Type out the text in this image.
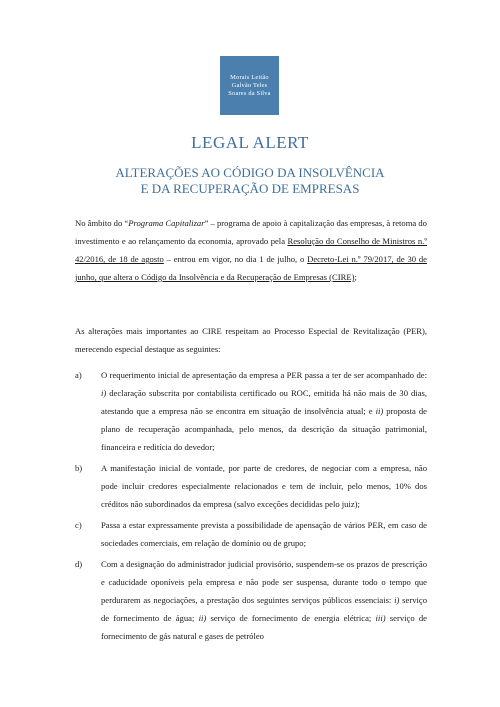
Morais Leitão
Galvão Teles
Soares da Silva
LEGAL ALERT
ALTERAÇÕES AO CÓDIGO DA INSOLVÊNCIA
E DA RECUPERAÇÃO DE EMPRESAS
No âmbito do “Programa Capitalizar” – programa de apoio à capitalização das empresas, à retoma do investimento e ao relançamento da economia, aprovado pela Resolução do Conselho de Ministros n.º 42/2016, de 18 de agosto – entrou em vigor, no dia 1 de julho, o Decreto-Lei n.º 79/2017, de 30 de junho, que altera o Código da Insolvência e da Recuperação de Empresas (CIRE);
As alterações mais importantes ao CIRE respeitam ao Processo Especial de Revitalização (PER), merecendo especial destaque as seguintes:
a) O requerimento inicial de apresentação da empresa a PER passa a ter de ser acompanhado de: i) declaração subscrita por contabilista certificado ou ROC, emitida há não mais de 30 dias, atestando que a empresa não se encontra em situação de insolvência atual; e ii) proposta de plano de recuperação acompanhada, pelo menos, da descrição da situação patrimonial, financeira e reditícia do devedor;
b) A manifestação inicial de vontade, por parte de credores, de negociar com a empresa, não pode incluir credores especialmente relacionados e tem de incluir, pelo menos, 10% dos créditos não subordinados da empresa (salvo exceções decididas pelo juiz);
c) Passa a estar expressamente prevista a possibilidade de apensação de vários PER, em caso de sociedades comerciais, em relação de domínio ou de grupo;
d) Com a designação do administrador judicial provisório, suspendem-se os prazos de prescrição e caducidade oponíveis pela empresa e não pode ser suspensa, durante todo o tempo que perdurarem as negociações, a prestação dos seguintes serviços públicos essenciais: i) serviço de fornecimento de água; ii) serviço de fornecimento de energia elétrica; iii) serviço de fornecimento de gás natural e gases de petróleo
